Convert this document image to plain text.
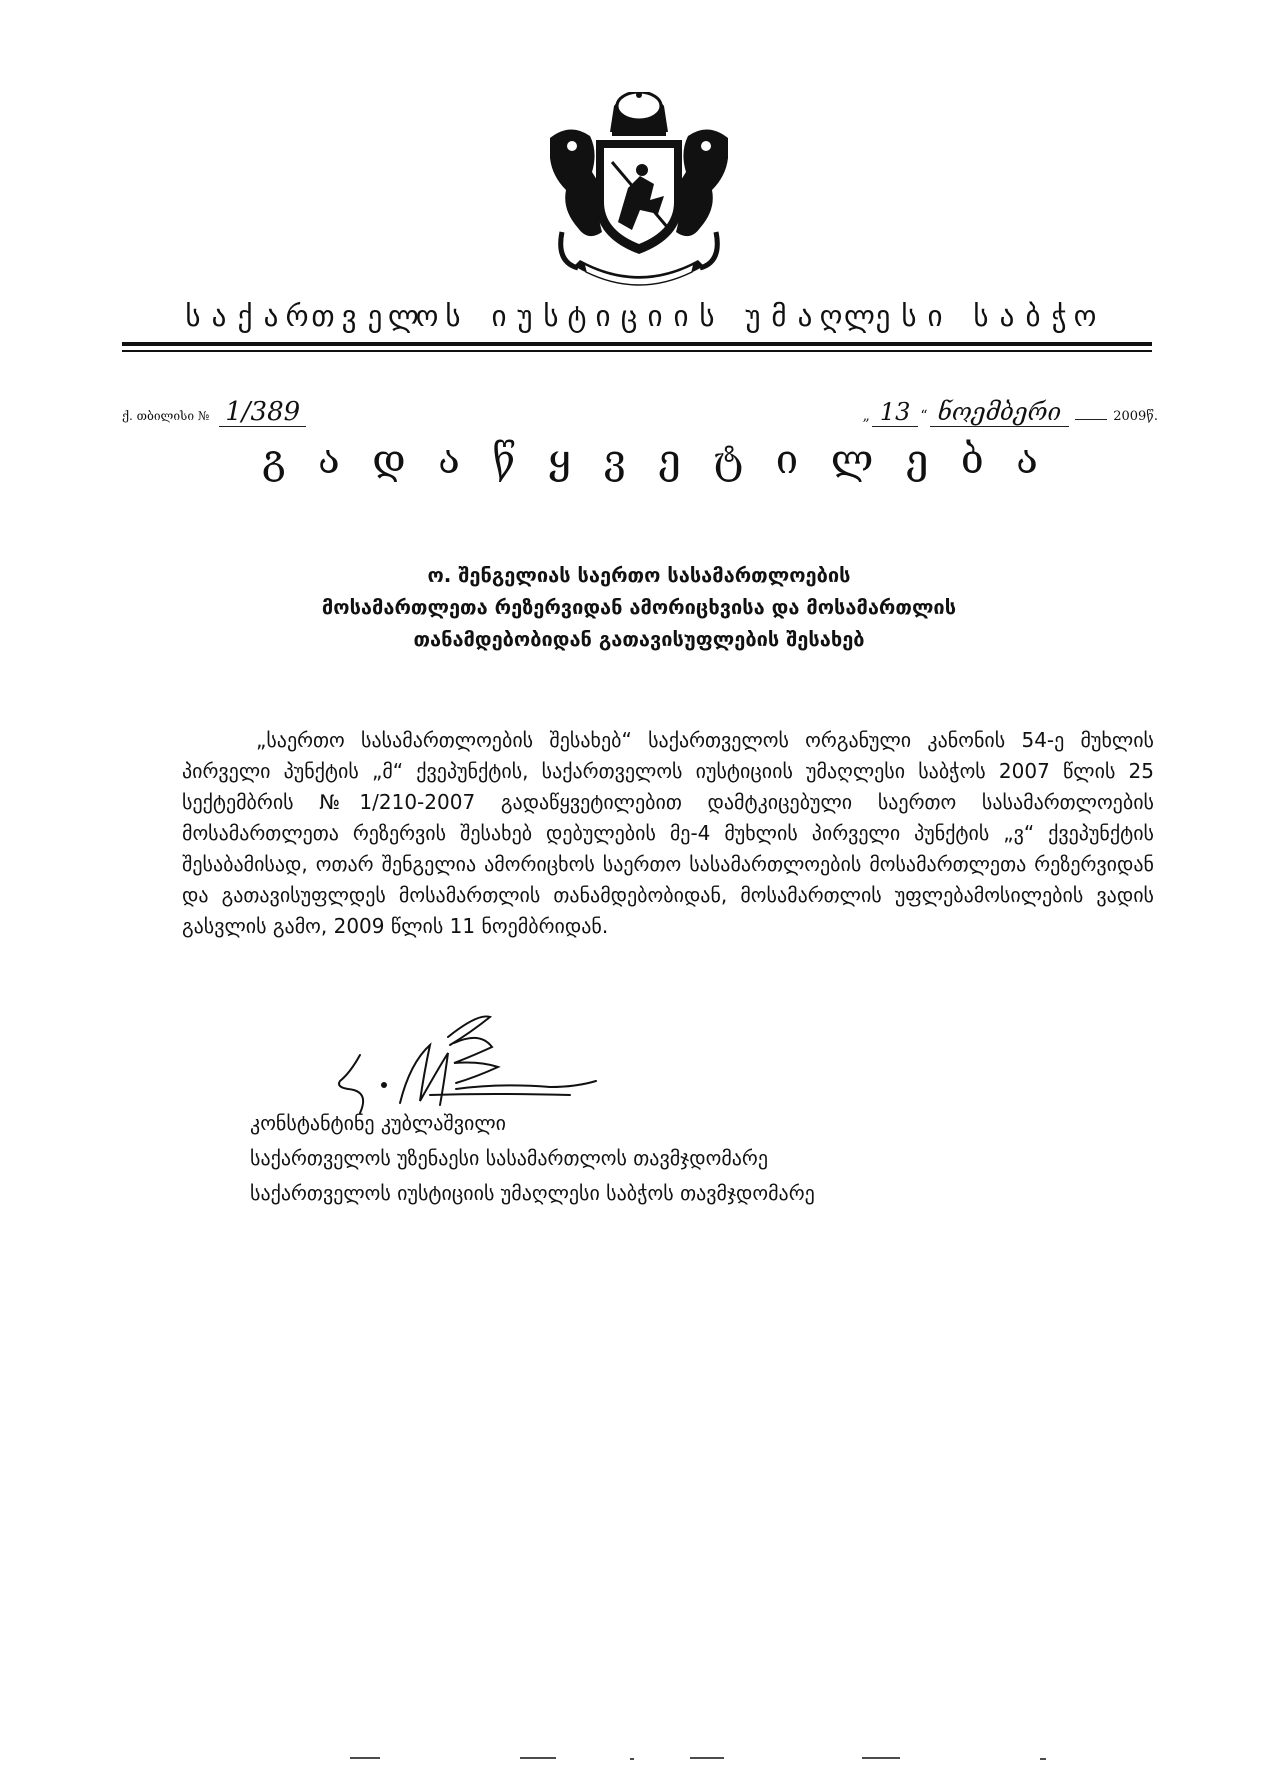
ს ა ქ ა რ თ ვ ე ლ
ო ს ი უ ს ტ ი ც ი ი ს უ მ ა ღ ლ ე ს ი ს ა ბ ჭ ო
ქ. თბილისი № 1/389	„ 13 “ ნოემბერი	2009წ.
გ ა დ ა წ ყ ვ ე ტ ი ლ ე ბ ა
ო. შენგელიას საერთო სასამართლოების
მოსამართლეთა რეზერვიდან ამორიცხვისა და მოსამართლის
თანამდებობიდან გათავისუფლების შესახებ
„საერთო სასამართლოების შესახებ“ საქართველოს ორგანული კანონის 54-ე მუხლის პირველი პუნქტის „მ“ ქვეპუნქტის, საქართველოს იუსტიციის უმაღლესი საბჭოს 2007 წლის 25 სექტემბრის №1/210-2007 გადაწყვეტილებით დამტკიცებული საერთო სასამართლოების მოსამართლეთა რეზერვის შესახებ დებულების მე-4 მუხლის პირველი პუნქტის „ვ“ ქვეპუნქტის შესაბამისად, ოთარ შენგელია ამორიცხოს საერთო სასამართლოების მოსამართლეთა რეზერვიდან და გათავისუფლდეს მოსამართლის თანამდებობიდან, მოსამართლის უფლებამოსილების ვადის გასვლის გამო, 2009 წლის 11 ნოემბრიდან.
კონსტანტინე კუბლაშვილი
საქართველოს უზენაესი სასამართლოს თავმჯდომარე
საქართველოს იუსტიციის უმაღლესი საბჭოს თავმჯდომარე
